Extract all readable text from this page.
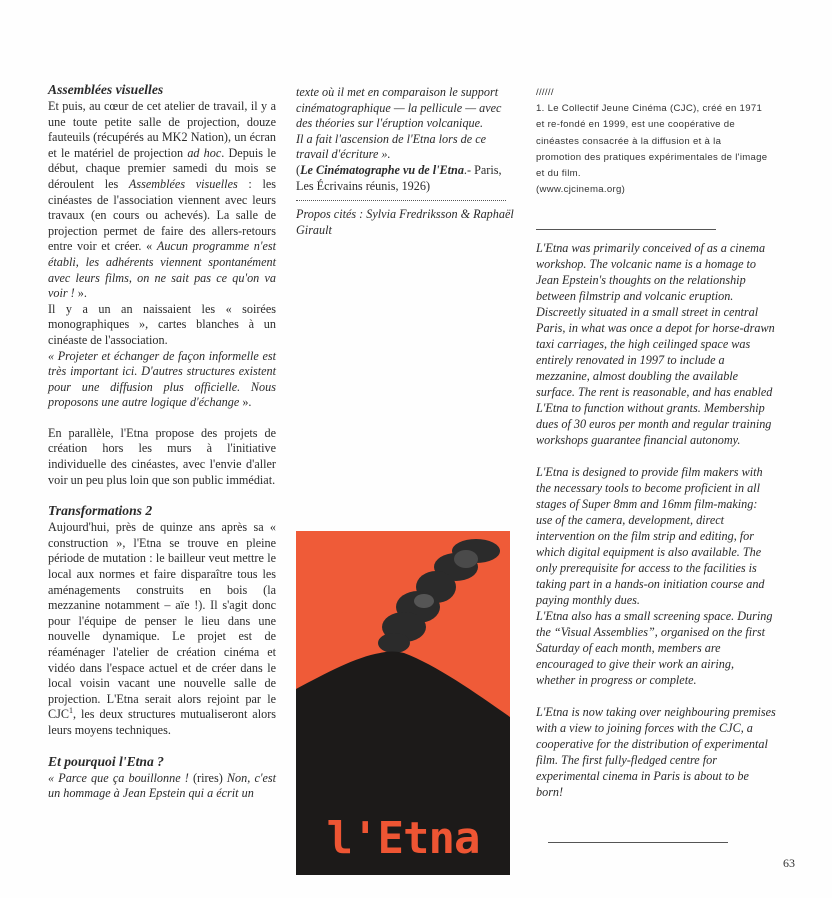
Assemblées visuelles

Et puis, au cœur de cet atelier de travail, il y a une toute petite salle de projection, douze fauteuils (récupérés au MK2 Nation), un écran et le matériel de projection ad hoc. Depuis le début, chaque premier samedi du mois se déroulent les Assemblées visuelles : les cinéastes de l'association viennent avec leurs travaux (en cours ou achevés). La salle de projection permet de faire des allers-retours entre voir et créer. « Aucun programme n'est établi, les adhérents viennent spontanément avec leurs films, on ne sait pas ce qu'on va voir ! ».

Il y a un an naissaient les « soirées monographiques », cartes blanches à un cinéaste de l'association.

« Projeter et échanger de façon informelle est très important ici. D'autres structures existent pour une diffusion plus officielle. Nous proposons une autre logique d'échange ».

En parallèle, l'Etna propose des projets de création hors les murs à l'initiative individuelle des cinéastes, avec l'envie d'aller voir un peu plus loin que son public immédiat.

Transformations 2

Aujourd'hui, près de quinze ans après sa « construction », l'Etna se trouve en pleine période de mutation : le bailleur veut mettre le local aux normes et faire disparaître tous les aménagements construits en bois (la mezzanine notamment – aïe !). Il s'agit donc pour l'équipe de penser le lieu dans une nouvelle dynamique. Le projet est de réaménager l'atelier de création cinéma et vidéo dans l'espace actuel et de créer dans le local voisin vacant une nouvelle salle de projection. L'Etna serait alors rejoint par le CJC$^1$, les deux structures mutualiseront alors leurs moyens techniques.

Et pourquoi l'Etna ?

« Parce que ça bouillonne ! (rires) Non, c'est un hommage à Jean Epstein qui a écrit un

texte où il met en comparaison le support cinématographique — la pellicule — avec des théories sur l'éruption volcanique.

Il a fait l'ascension de l'Etna lors de ce travail d'écriture ».

(Le Cinématographe vu de l'Etna.- Paris, Les Écrivains réunis, 1926)

Propos cités : Sylvia Fredriksson & Raphaël Girault

//////
1. Le Collectif Jeune Cinéma (CJC), créé en 1971 et re-fondé en 1999, est une coopérative de cinéastes consacrée à la diffusion et à la promotion des pratiques expérimentales de l'image et du film.
(www.cjcinema.org)

L'Etna was primarily conceived of as a cinema workshop. The volcanic name is a homage to Jean Epstein's thoughts on the relationship between filmstrip and volcanic eruption. Discreetly situated in a small street in central Paris, in what was once a depot for horse-drawn taxi carriages, the high ceilinged space was entirely renovated in 1997 to include a mezzanine, almost doubling the available surface. The rent is reasonable, and has enabled L'Etna to function without grants. Membership dues of 30 euros per month and regular training workshops guarantee financial autonomy.

L'Etna is designed to provide film makers with the necessary tools to become proficient in all stages of Super 8mm and 16mm film-making: use of the camera, development, direct intervention on the film strip and editing, for which digital equipment is also available. The only prerequisite for access to the facilities is taking part in a hands-on initiation course and paying monthly dues.

L'Etna also has a small screening space. During the “Visual Assemblies”, organised on the first Saturday of each month, members are encouraged to give their work an airing, whether in progress or complete.

L'Etna is now taking over neighbouring premises with a view to joining forces with the CJC, a cooperative for the distribution of experimental film. The first fully-fledged centre for experimental cinema in Paris is about to be born!

l'Etna	63
